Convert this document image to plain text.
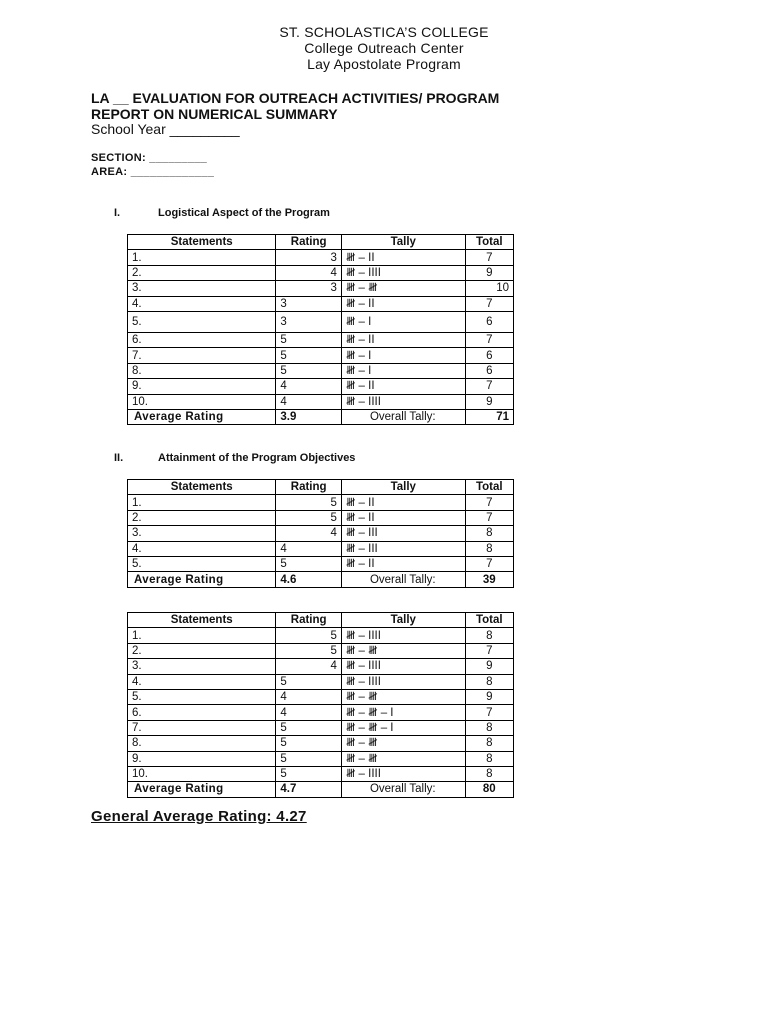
ST. SCHOLASTICA’S COLLEGE
College Outreach Center
Lay Apostolate Program
LA __ EVALUATION FOR OUTREACH ACTIVITIES/ PROGRAM
REPORT ON NUMERICAL SUMMARY
School Year _________
SECTION: _________
AREA: _____________
I.	Logistical Aspect of the Program
Statements	Rating	Tally	Total
1.	3	𝍸 – II	7
2.	4	𝍸 – IIII	9
3.	3	𝍸 – 𝍸	10
4.	3	𝍸 – II	7
5.	3	𝍸 – I	6
6.	5	𝍸 – II	7
7.	5	𝍸 – I	6
8.	5	𝍸 – I	6
9.	4	𝍸 – II	7
10.	4	𝍸 – IIII	9
Average Rating	3.9	Overall Tally:	71
II.	Attainment of the Program Objectives
Statements	Rating	Tally	Total
1.	5	𝍸 – II	7
2.	5	𝍸 – II	7
3.	4	𝍸 – III	8
4.	4	𝍸 – III	8
5.	5	𝍸 – II	7
Average Rating	4.6	Overall Tally:	39
Statements	Rating	Tally	Total
1.	5	𝍸 – IIII	8
2.	5	𝍸 – 𝍸	7
3.	4	𝍸 – IIII	9
4.	5	𝍸 – IIII	8
5.	4	𝍸 – 𝍸	9
6.	4	𝍸 – 𝍸 – I	7
7.	5	𝍸 – 𝍸 – I	8
8.	5	𝍸 – 𝍸	8
9.	5	𝍸 – 𝍸	8
10.	5	𝍸 – IIII	8
Average Rating	4.7	Overall Tally:	80
General Average Rating: 4.27
